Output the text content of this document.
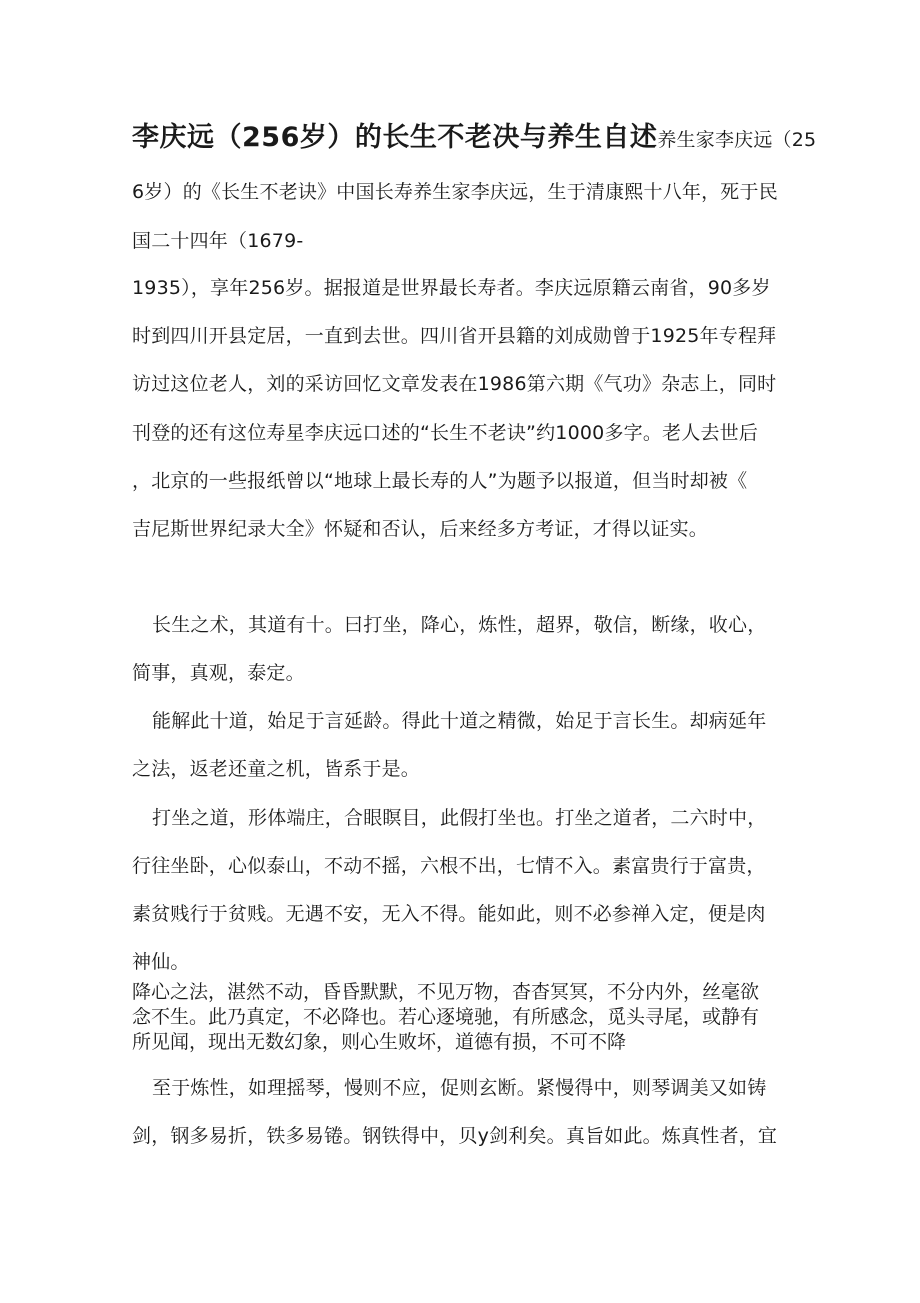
李庆远（256岁）的长生不老决与养生自述养生家李庆远（25
6岁）的《长生不老诀》中国长寿养生家李庆远，生于清康熙十八年，死于民
国二十四年（1679-
1935），享年256岁。据报道是世界最长寿者。李庆远原籍云南省，90多岁
时到四川开县定居，一直到去世。四川省开县籍的刘成勋曾于1925年专程拜
访过这位老人，刘的采访回忆文章发表在1986第六期《气功》杂志上，同时
刊登的还有这位寿星李庆远口述的“长生不老诀”约1000多字。老人去世后
，北京的一些报纸曾以“地球上最长寿的人”为题予以报道，但当时却被《
吉尼斯世界纪录大全》怀疑和否认，后来经多方考证，才得以证实。
长生之术，其道有十。曰打坐，降心，炼性，超界，敬信，断缘，收心，
简事，真观，泰定。
能解此十道，始足于言延龄。得此十道之精微，始足于言长生。却病延年
之法，返老还童之机，皆系于是。
打坐之道，形体端庄，合眼瞑目，此假打坐也。打坐之道者，二六时中，
行往坐卧，心似泰山，不动不摇，六根不出，七情不入。素富贵行于富贵，
素贫贱行于贫贱。无遇不安，无入不得。能如此，则不必参禅入定，便是肉
神仙。
降心之法，湛然不动，昏昏默默，不见万物，杳杳冥冥，不分内外，丝毫欲
念不生。此乃真定，不必降也。若心逐境驰，有所感念，觅头寻尾，或静有
所见闻，现出无数幻象，则心生败坏，道德有损，不可不降
至于炼性，如理摇琴，慢则不应，促则玄断。紧慢得中，则琴调美又如铸
剑，钢多易折，铁多易锩。钢铁得中，贝y剑利矣。真旨如此。炼真性者，宜
